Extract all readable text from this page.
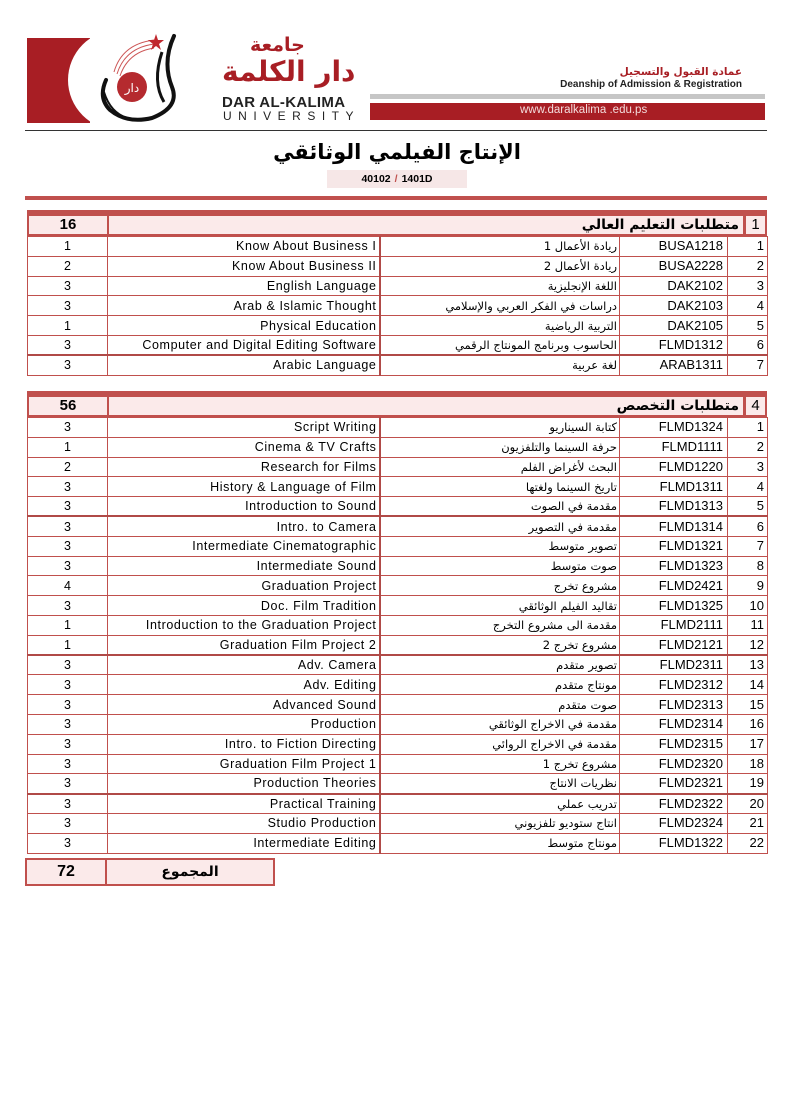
دار
جامعة
دار الكلمة
DAR AL-KALIMA
UNIVERSITY
عمادة القبول والتسجيل
Deanship of Admission & Registration
www.daralkalima .edu.ps
الإنتاج الفيلمي الوثائقي
40102 / 1401D
16	متطلبات التعليم العالي 1
1	Know About Business I	ريادة الأعمال 1	BUSA1218	1
2	Know About Business II	ريادة الأعمال 2	BUSA2228	2
3	English Language	اللغة الإنجليزية	DAK2102	3
3	Arab & Islamic Thought	دراسات في الفكر العربي والإسلامي	DAK2103	4
1	Physical Education	التربية الرياضية	DAK2105	5
3	Computer and Digital Editing Software	الحاسوب وبرنامج المونتاج الرقمي	FLMD1312	6
3	Arabic Language	لغة عربية	ARAB1311	7
56	متطلبات التخصص 4
3	Script Writing	كتابة السيناريو	FLMD1324	1
1	Cinema & TV Crafts	حرفة السينما والتلفزيون	FLMD1111	2
2	Research for Films	البحث لأغراض الفلم	FLMD1220	3
3	History & Language of Film	تاريخ السينما ولغتها	FLMD1311	4
3	Introduction to Sound	مقدمة في الصوت	FLMD1313	5
3	Intro. to Camera	مقدمة في التصوير	FLMD1314	6
3	Intermediate Cinematographic	تصوير متوسط	FLMD1321	7
3	Intermediate Sound	صوت متوسط	FLMD1323	8
4	Graduation Project	مشروع تخرج	FLMD2421	9
3	Doc. Film Tradition	تقاليد الفيلم الوثائقي	FLMD1325	10
1	Introduction to the Graduation Project	مقدمة الى مشروع التخرج	FLMD2111	11
1	Graduation Film Project 2	مشروع تخرج 2	FLMD2121	12
3	Adv. Camera	تصوير متقدم	FLMD2311	13
3	Adv. Editing	مونتاج متقدم	FLMD2312	14
3	Advanced Sound	صوت متقدم	FLMD2313	15
3	Production	مقدمة في الاخراج الوثائقي	FLMD2314	16
3	Intro. to Fiction Directing	مقدمة في الاخراج الروائي	FLMD2315	17
3	Graduation Film Project 1	مشروع تخرج 1	FLMD2320	18
3	Production Theories	نظريات الانتاج	FLMD2321	19
3	Practical Training	تدريب عملي	FLMD2322	20
3	Studio Production	انتاج ستوديو تلفزيوني	FLMD2324	21
3	Intermediate Editing	مونتاج متوسط	FLMD1322	22
72	المجموع
